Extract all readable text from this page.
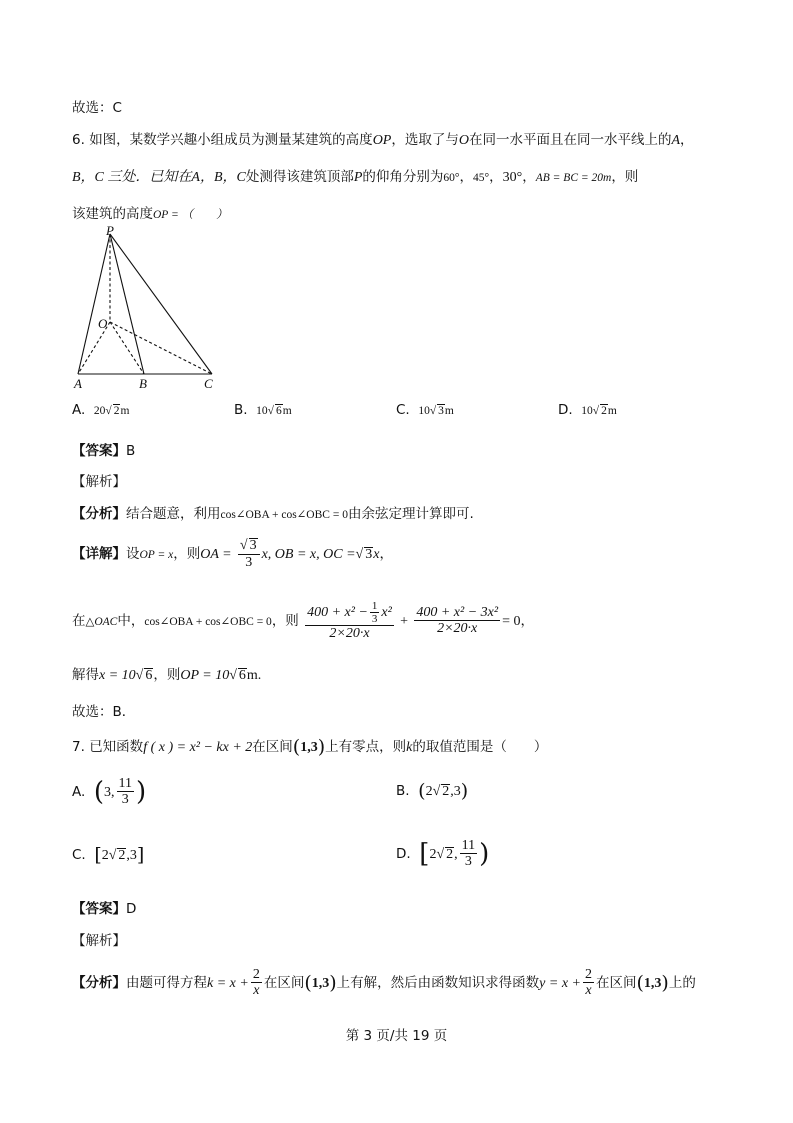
故选：C
6. 如图，某数学兴趣小组成员为测量某建筑的高度OP，选取了与O在同一水平面且在同一水平线上的A，
B，C 三处．已知在A，B，C处测得该建筑顶部P的仰角分别为60°，45°，30°，AB = BC = 20m，则
该建筑的高度OP = （　　）
P
O
A	B	C
A. 20√ 2m	B. 10√ 6m	C. 10√ 3m	D. 10√ 2m
【答案】B
【解析】
【分析】结合题意，利用cos∠OBA + cos∠OBC = 0由余弦定理计算即可.
【详解】设OP = x，则OA = $\frac{√ 3}{3} x$, OB = x, OC =√ 3x，
在△OAC中，cos∠OBA + cos∠OBC = 0，则 $\frac{400 + x^2 - \frac{1}{3} x^2}{2\times 20\cdot x} + \frac{\text{400 + x² − 3x²}}{2\times 20\cdot x} = 0$，
解得x = 10√ 6，则OP = 10√ 6m.
故选：B．
7. 已知函数f ( x ) = x² − kx + 2在区间(1,3)上有零点，则k的取值范围是（　　）
A. (3, $\frac{11}{3}$ )	B. (2√ 2,3)
C. [2√ 2,3]	D. [2√ 2, $\frac{11}{3}$ )
【答案】D
【解析】
【分析】由题可得方程$k = x + \frac{2}{x}$ 在区间(1,3)上有解，然后由函数知识求得函数$y = x + \frac{2}{x}$ 在区间(1,3)上的
第 3 页/共 19 页
